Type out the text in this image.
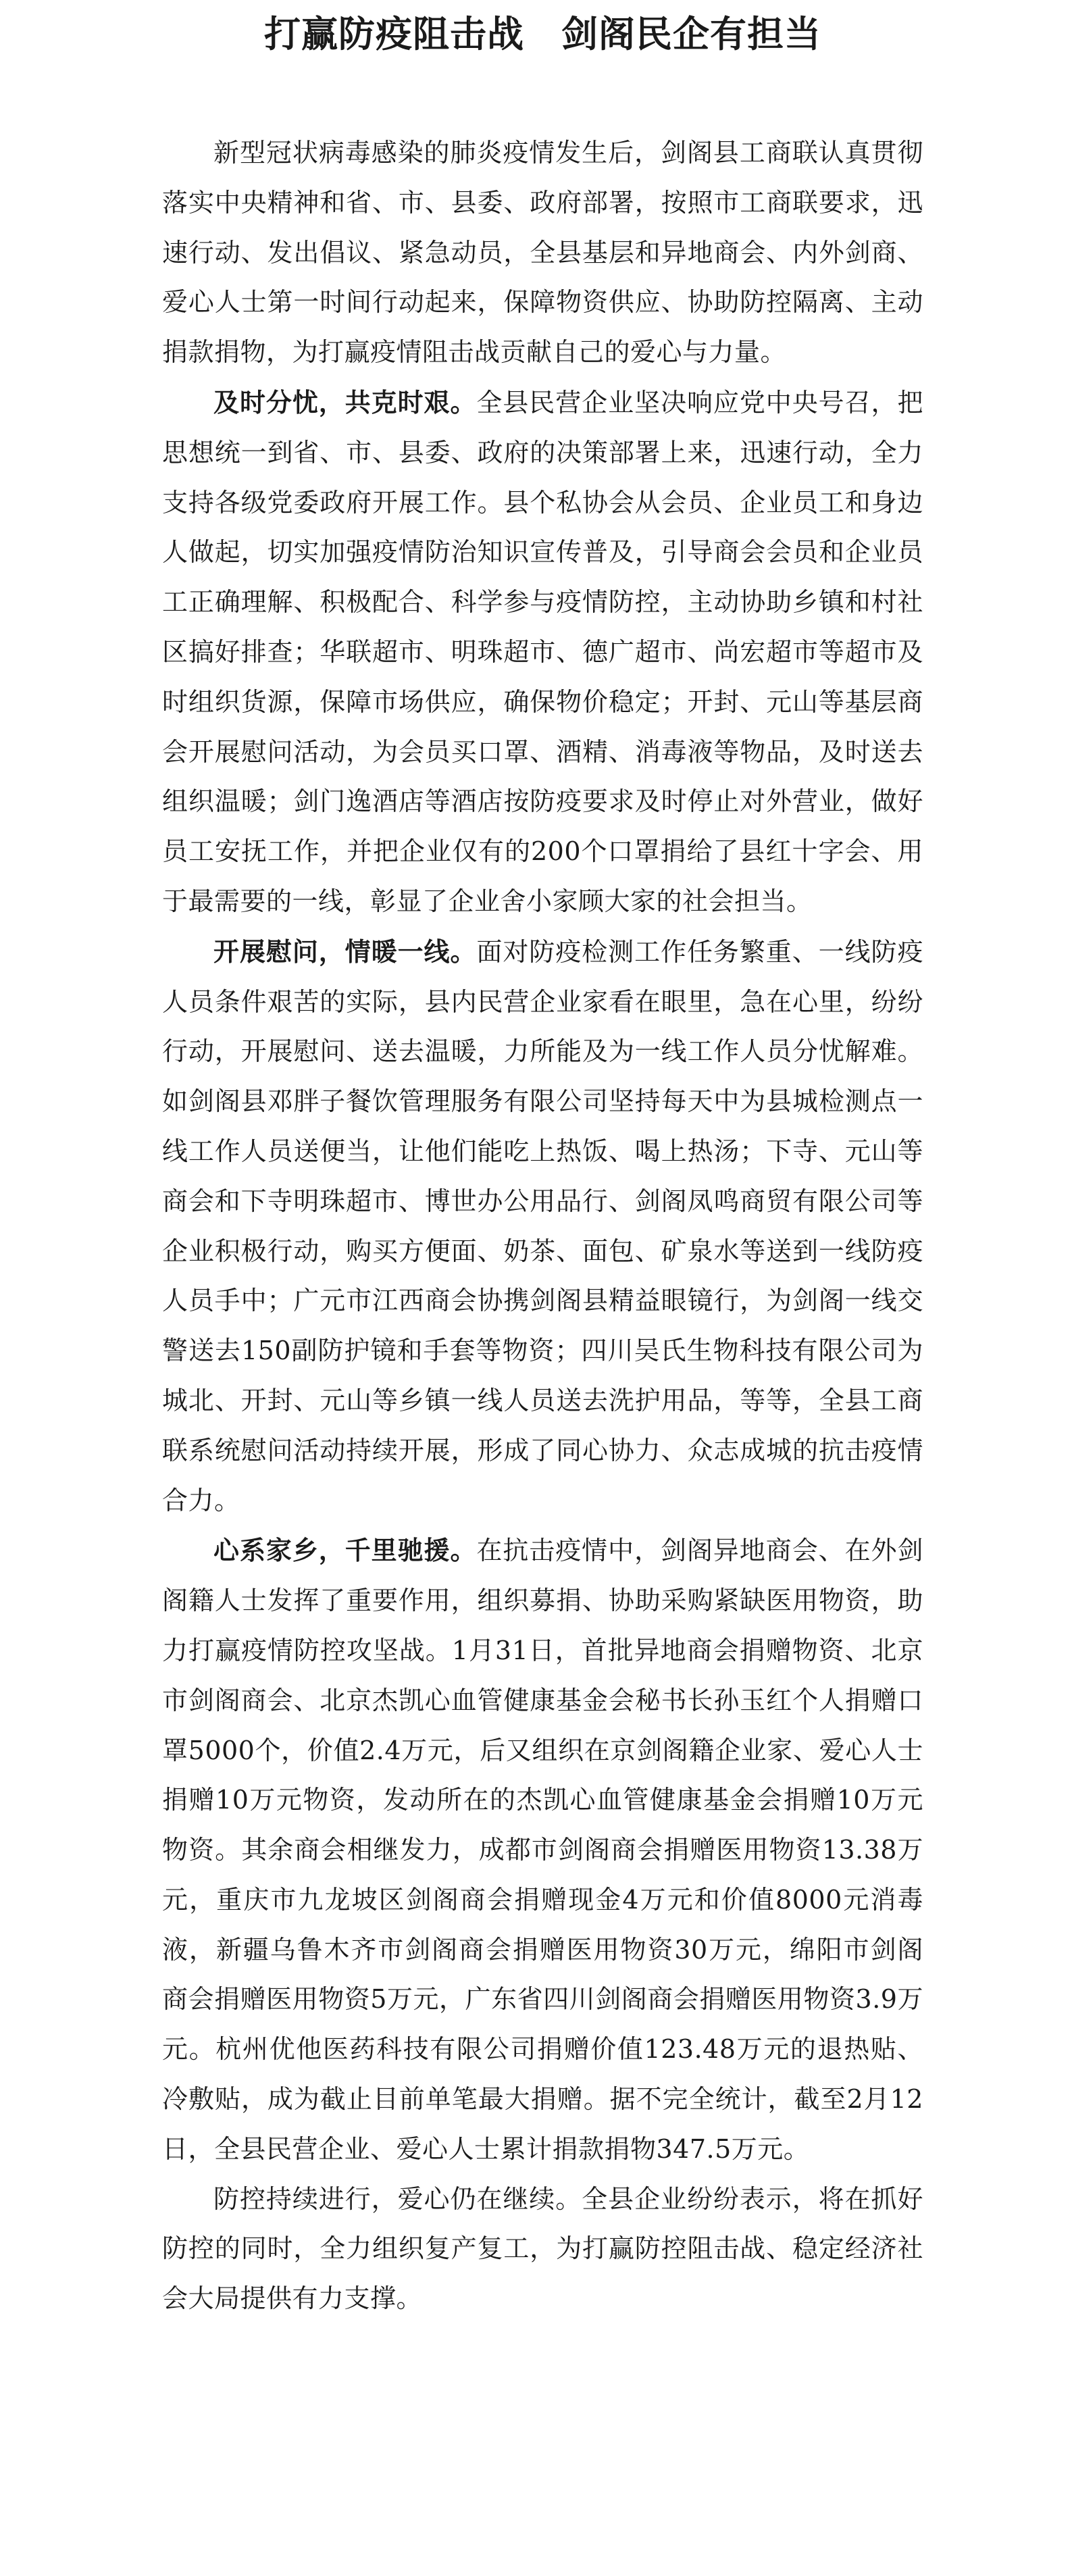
打赢防疫阻击战　剑阁民企有担当

新型冠状病毒感染的肺炎疫情发生后，剑阁县工商联认真贯彻落实中央精神和省、市、县委、政府部署，按照市工商联要求，迅速行动、发出倡议、紧急动员，全县基层和异地商会、内外剑商、爱心人士第一时间行动起来，保障物资供应、协助防控隔离、主动捐款捐物，为打赢疫情阻击战贡献自己的爱心与力量。

及时分忧，共克时艰。全县民营企业坚决响应党中央号召，把思想统一到省、市、县委、政府的决策部署上来，迅速行动，全力支持各级党委政府开展工作。县个私协会从会员、企业员工和身边人做起，切实加强疫情防治知识宣传普及，引导商会会员和企业员工正确理解、积极配合、科学参与疫情防控，主动协助乡镇和村社区搞好排查；华联超市、明珠超市、德广超市、尚宏超市等超市及时组织货源，保障市场供应，确保物价稳定；开封、元山等基层商会开展慰问活动，为会员买口罩、酒精、消毒液等物品，及时送去组织温暖；剑门逸酒店等酒店按防疫要求及时停止对外营业，做好员工安抚工作，并把企业仅有的200个口罩捐给了县红十字会、用于最需要的一线，彰显了企业舍小家顾大家的社会担当。

开展慰问，情暖一线。面对防疫检测工作任务繁重、一线防疫人员条件艰苦的实际，县内民营企业家看在眼里，急在心里，纷纷行动，开展慰问、送去温暖，力所能及为一线工作人员分忧解难。如剑阁县邓胖子餐饮管理服务有限公司坚持每天中为县城检测点一线工作人员送便当，让他们能吃上热饭、喝上热汤；下寺、元山等商会和下寺明珠超市、博世办公用品行、剑阁凤鸣商贸有限公司等企业积极行动，购买方便面、奶茶、面包、矿泉水等送到一线防疫人员手中；广元市江西商会协携剑阁县精益眼镜行，为剑阁一线交警送去150副防护镜和手套等物资；四川吴氏生物科技有限公司为城北、开封、元山等乡镇一线人员送去洗护用品，等等，全县工商联系统慰问活动持续开展，形成了同心协力、众志成城的抗击疫情合力。

心系家乡，千里驰援。在抗击疫情中，剑阁异地商会、在外剑阁籍人士发挥了重要作用，组织募捐、协助采购紧缺医用物资，助力打赢疫情防控攻坚战。1月31日，首批异地商会捐赠物资、北京市剑阁商会、北京杰凯心血管健康基金会秘书长孙玉红个人捐赠口罩5000个，价值2.4万元，后又组织在京剑阁籍企业家、爱心人士捐赠10万元物资，发动所在的杰凯心血管健康基金会捐赠10万元物资。其余商会相继发力，成都市剑阁商会捐赠医用物资13.38万元，重庆市九龙坡区剑阁商会捐赠现金4万元和价值8000元消毒液，新疆乌鲁木齐市剑阁商会捐赠医用物资30万元，绵阳市剑阁商会捐赠医用物资5万元，广东省四川剑阁商会捐赠医用物资3.9万元。杭州优他医药科技有限公司捐赠价值123.48万元的退热贴、冷敷贴，成为截止目前单笔最大捐赠。据不完全统计，截至2月12日，全县民营企业、爱心人士累计捐款捐物347.5万元。

防控持续进行，爱心仍在继续。全县企业纷纷表示，将在抓好防控的同时，全力组织复产复工，为打赢防控阻击战、稳定经济社会大局提供有力支撑。
